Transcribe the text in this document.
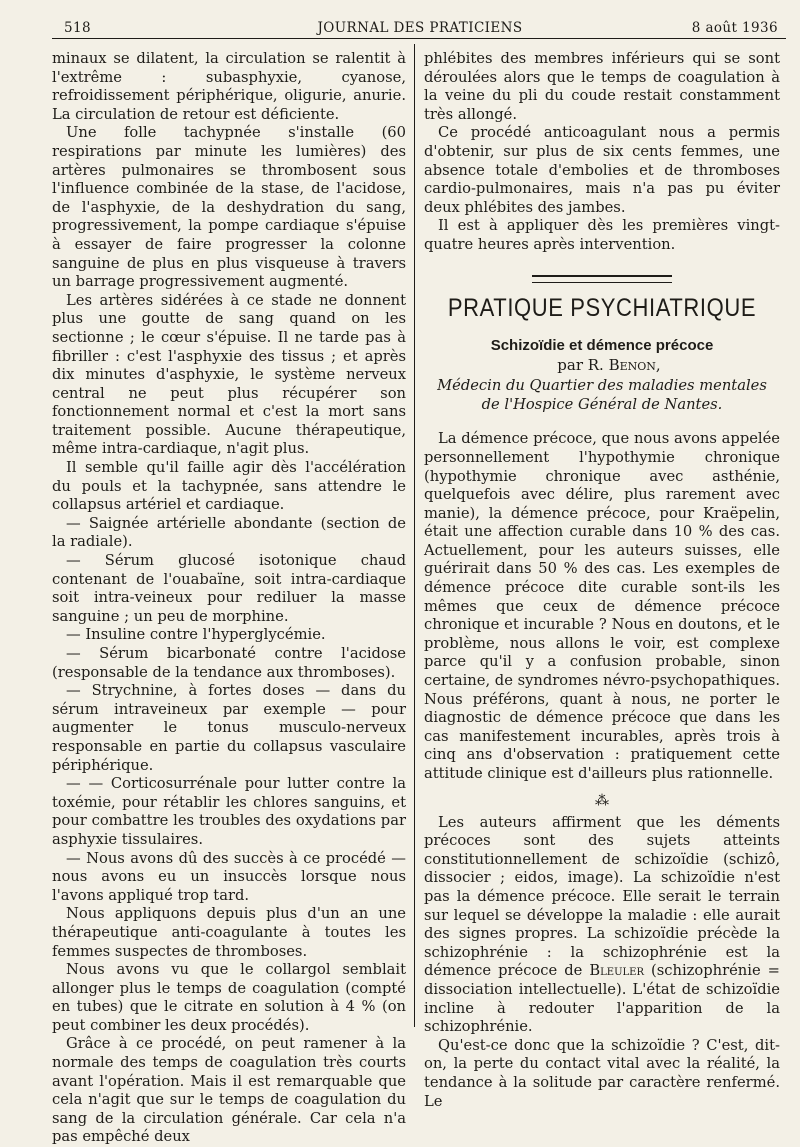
518	JOURNAL DES PRATICIENS	8 août 1936

minaux se dilatent, la circulation se ralentit à l'extrême : subasphyxie, cyanose, refroidissement périphérique, oligurie, anurie. La circulation de retour est déficiente.

Une folle tachypnée s'installe (60 respirations par minute les lumières) des artères pulmonaires se thrombosent sous l'influence combinée de la stase, de l'acidose, de l'asphyxie, de la deshydration du sang, progressivement, la pompe cardiaque s'épuise à essayer de faire progresser la colonne sanguine de plus en plus visqueuse à travers un barrage progressivement augmenté.

Les artères sidérées à ce stade ne donnent plus une goutte de sang quand on les sectionne ; le cœur s'épuise. Il ne tarde pas à fibriller : c'est l'asphyxie des tissus ; et après dix minutes d'asphyxie, le système nerveux central ne peut plus récupérer son fonctionnement normal et c'est la mort sans traitement possible. Aucune thérapeutique, même intra-cardiaque, n'agit plus.

Il semble qu'il faille agir dès l'accélération du pouls et la tachypnée, sans attendre le collapsus artériel et cardiaque.

— Saignée artérielle abondante (section de la radiale).

— Sérum glucosé isotonique chaud contenant de l'ouabaïne, soit intra-cardiaque soit intra-veineux pour rediluer la masse sanguine ; un peu de morphine.

— Insuline contre l'hyperglycémie.

— Sérum bicarbonaté contre l'acidose (responsable de la tendance aux thromboses).

— Strychnine, à fortes doses — dans du sérum intraveineux par exemple — pour augmenter le tonus musculo-nerveux responsable en partie du collapsus vasculaire périphérique.

— — Corticosurrénale pour lutter contre la toxémie, pour rétablir les chlores sanguins, et pour combattre les troubles des oxydations par asphyxie tissulaires.

— Nous avons dû des succès à ce procédé — nous avons eu un insuccès lorsque nous l'avons appliqué trop tard.

Nous appliquons depuis plus d'un an une thérapeutique anti-coagulante à toutes les femmes suspectes de thromboses.

Nous avons vu que le collargol semblait allonger plus le temps de coagulation (compté en tubes) que le citrate en solution à 4 % (on peut combiner les deux procédés).

Grâce à ce procédé, on peut ramener à la normale des temps de coagulation très courts avant l'opération. Mais il est remarquable que cela n'agit que sur le temps de coagulation du sang de la circulation générale. Car cela n'a pas empêché deux

phlébites des membres inférieurs qui se sont déroulées alors que le temps de coagulation à la veine du pli du coude restait constamment très allongé.

Ce procédé anticoagulant nous a permis d'obtenir, sur plus de six cents femmes, une absence totale d'embolies et de thromboses cardio-pulmonaires, mais n'a pas pu éviter deux phlébites des jambes.

Il est à appliquer dès les premières vingt-quatre heures après intervention.

PRATIQUE PSYCHIATRIQUE
Schizoïdie et démence précoce

par R. Benon,

Médecin du Quartier des maladies mentales
de l'Hospice Général de Nantes.

La démence précoce, que nous avons appelée personnellement l'hypothymie chronique (hypothymie chronique avec asthénie, quelquefois avec délire, plus rarement avec manie), la démence précoce, pour Kraëpelin, était une affection curable dans 10 % des cas. Actuellement, pour les auteurs suisses, elle guérirait dans 50 % des cas. Les exemples de démence précoce dite curable sont-ils les mêmes que ceux de démence précoce chronique et incurable ? Nous en doutons, et le problème, nous allons le voir, est complexe parce qu'il y a confusion probable, sinon certaine, de syndromes névro-psychopathiques. Nous préférons, quant à nous, ne porter le diagnostic de démence précoce que dans les cas manifestement incurables, après trois à cinq ans d'observation : pratiquement cette attitude clinique est d'ailleurs plus rationnelle.

⁂

Les auteurs affirment que les déments précoces sont des sujets atteints constitutionnellement de schizoïdie (schizô, dissocier ; eidos, image). La schizoïdie n'est pas la démence précoce. Elle serait le terrain sur lequel se développe la maladie : elle aurait des signes propres. La schizoïdie précède la schizophrénie : la schizophrénie est la démence précoce de Bleuler (schizophrénie = dissociation intellectuelle). L'état de schizoïdie incline à redouter l'apparition de la schizophrénie.

Qu'est-ce donc que la schizoïdie ? C'est, dit-on, la perte du contact vital avec la réalité, la tendance à la solitude par caractère renfermé. Le
